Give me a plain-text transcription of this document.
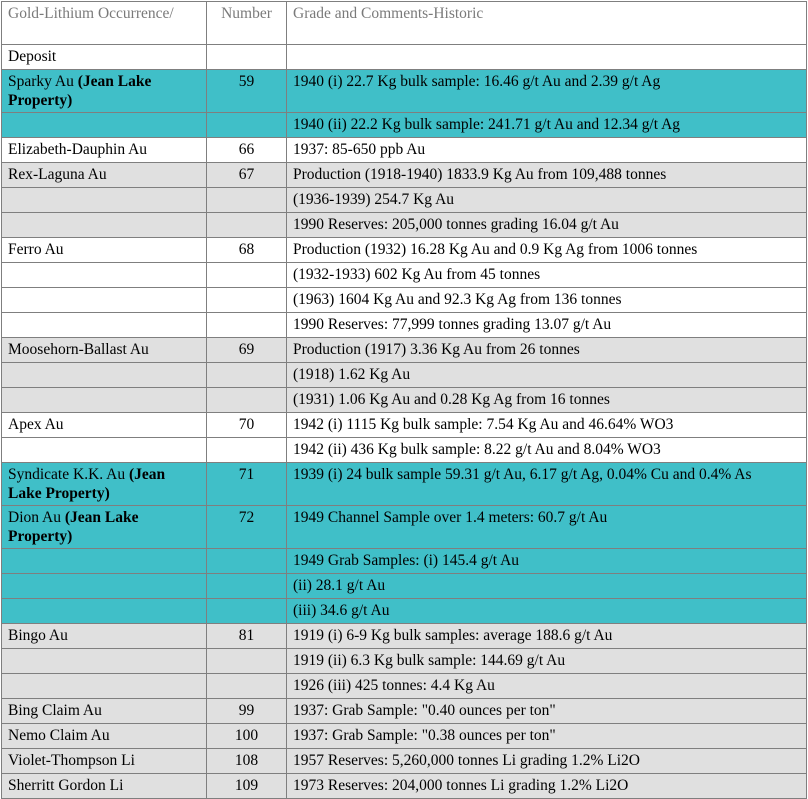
Gold-Lithium Occurrence/	Number	Grade and Comments-Historic
Deposit		
Sparky Au (Jean Lake Property)	59	1940 (i) 22.7 Kg bulk sample: 16.46 g/t Au and 2.39 g/t Ag
		1940 (ii) 22.2 Kg bulk sample: 241.71 g/t Au and 12.34 g/t Ag
Elizabeth-Dauphin Au	66	1937: 85-650 ppb Au
Rex-Laguna Au	67	Production (1918-1940) 1833.9 Kg Au from 109,488 tonnes
		(1936-1939) 254.7 Kg Au
		1990 Reserves: 205,000 tonnes grading 16.04 g/t Au
Ferro Au	68	Production (1932) 16.28 Kg Au and 0.9 Kg Ag from 1006 tonnes
		(1932-1933) 602 Kg Au from 45 tonnes
		(1963) 1604 Kg Au and 92.3 Kg Ag from 136 tonnes
		1990 Reserves: 77,999 tonnes grading 13.07 g/t Au
Moosehorn-Ballast Au	69	Production (1917) 3.36 Kg Au from 26 tonnes
		(1918) 1.62 Kg Au
		(1931) 1.06 Kg Au and 0.28 Kg Ag from 16 tonnes
Apex Au	70	1942 (i) 1115 Kg bulk sample: 7.54 Kg Au and 46.64% WO3
		1942 (ii) 436 Kg bulk sample: 8.22 g/t Au and 8.04% WO3
Syndicate K.K. Au (Jean Lake Property)	71	1939 (i) 24 bulk sample 59.31 g/t Au, 6.17 g/t Ag, 0.04% Cu and 0.4% As
Dion Au (Jean Lake Property)	72	1949 Channel Sample over 1.4 meters: 60.7 g/t Au
		1949 Grab Samples: (i) 145.4 g/t Au
		(ii) 28.1 g/t Au
		(iii) 34.6 g/t Au
Bingo Au	81	1919 (i) 6-9 Kg bulk samples: average 188.6 g/t Au
		1919 (ii) 6.3 Kg bulk sample: 144.69 g/t Au
		1926 (iii) 425 tonnes: 4.4 Kg Au
Bing Claim Au	99	1937: Grab Sample: "0.40 ounces per ton"
Nemo Claim Au	100	1937: Grab Sample: "0.38 ounces per ton"
Violet-Thompson Li	108	1957 Reserves: 5,260,000 tonnes Li grading 1.2% Li2O
Sherritt Gordon Li	109	1973 Reserves: 204,000 tonnes Li grading 1.2% Li2O
